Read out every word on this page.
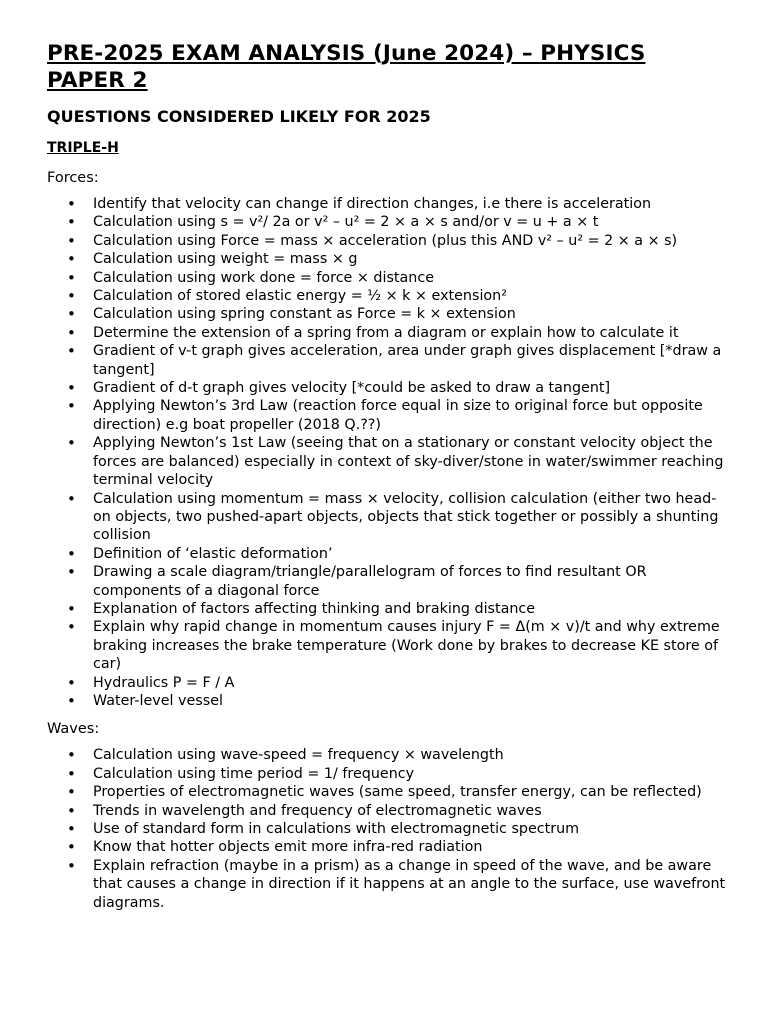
PRE-2025 EXAM ANALYSIS (June 2024) – PHYSICS PAPER 2
QUESTIONS CONSIDERED LIKELY FOR 2025
TRIPLE-H
Forces:
• Identify that velocity can change if direction changes, i.e there is acceleration
• Calculation using s = v²/ 2a or v² – u² = 2 × a × s and/or v = u + a × t
• Calculation using Force = mass × acceleration (plus this AND v² – u² = 2 × a × s)
• Calculation using weight = mass × g
• Calculation using work done = force × distance
• Calculation of stored elastic energy = ½ × k × extension²
• Calculation using spring constant as Force = k × extension
• Determine the extension of a spring from a diagram or explain how to calculate it
• Gradient of v-t graph gives acceleration, area under graph gives displacement [*draw a tangent]
• Gradient of d-t graph gives velocity [*could be asked to draw a tangent]
• Applying Newton’s 3rd Law (reaction force equal in size to original force but opposite direction) e.g boat propeller (2018 Q.??)
• Applying Newton’s 1st Law (seeing that on a stationary or constant velocity object the forces are balanced) especially in context of sky-diver/stone in water/swimmer reaching terminal velocity
• Calculation using momentum = mass × velocity, collision calculation (either two head-on objects, two pushed-apart objects, objects that stick together or possibly a shunting collision
• Definition of ‘elastic deformation’
• Drawing a scale diagram/triangle/parallelogram of forces to find resultant OR components of a diagonal force
• Explanation of factors affecting thinking and braking distance
• Explain why rapid change in momentum causes injury F = Δ(m × v)/t and why extreme braking increases the brake temperature (Work done by brakes to decrease KE store of car)
• Hydraulics P = F / A
• Water-level vessel
Waves:
• Calculation using wave-speed = frequency × wavelength
• Calculation using time period = 1/ frequency
• Properties of electromagnetic waves (same speed, transfer energy, can be reflected)
• Trends in wavelength and frequency of electromagnetic waves
• Use of standard form in calculations with electromagnetic spectrum
• Know that hotter objects emit more infra-red radiation
• Explain refraction (maybe in a prism) as a change in speed of the wave, and be aware that causes a change in direction if it happens at an angle to the surface, use wavefront diagrams.
